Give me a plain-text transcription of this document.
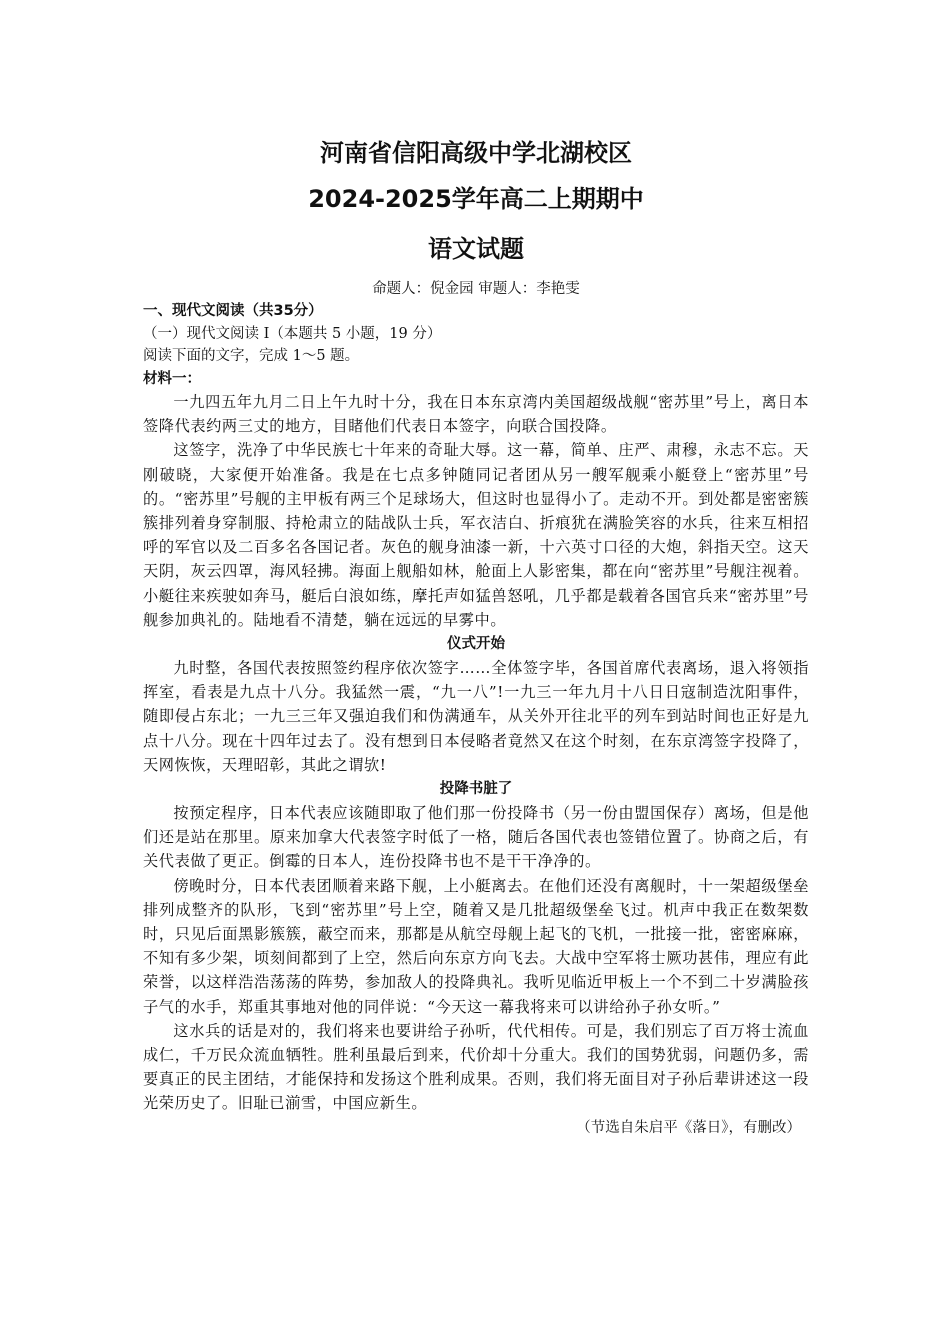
河南省信阳高级中学北湖校区
2024-2025学年高二上期期中
语文试题
命题人：倪金园 审题人：李艳雯
一、现代文阅读（共35分）
（一）现代文阅读 I（本题共 5 小题，19 分）
阅读下面的文字，完成 1～5 题。
材料一：

一九四五年九月二日上午九时十分，我在日本东京湾内美国超级战舰“密苏里”号上，离日本签降代表约两三丈的地方，目睹他们代表日本签字，向联合国投降。

这签字，洗净了中华民族七十年来的奇耻大辱。这一幕，简单、庄严、肃穆，永志不忘。天刚破晓，大家便开始准备。我是在七点多钟随同记者团从另一艘军舰乘小艇登上“密苏里”号的。“密苏里”号舰的主甲板有两三个足球场大，但这时也显得小了。走动不开。到处都是密密簇簇排列着身穿制服、持枪肃立的陆战队士兵，军衣洁白、折痕犹在满脸笑容的水兵，往来互相招呼的军官以及二百多名各国记者。灰色的舰身油漆一新，十六英寸口径的大炮，斜指天空。这天天阴，灰云四罩，海风轻拂。海面上舰船如林，舱面上人影密集，都在向“密苏里”号舰注视着。小艇往来疾驶如奔马，艇后白浪如练，摩托声如猛兽怒吼，几乎都是载着各国官兵来“密苏里”号舰参加典礼的。陆地看不清楚，躺在远远的早雾中。

仪式开始

九时整，各国代表按照签约程序依次签字……全体签字毕，各国首席代表离场，退入将领指挥室，看表是九点十八分。我猛然一震，“九一八”!一九三一年九月十八日日寇制造沈阳事件，随即侵占东北；一九三三年又强迫我们和伪满通车，从关外开往北平的列车到站时间也正好是九点十八分。现在十四年过去了。没有想到日本侵略者竟然又在这个时刻，在东京湾签字投降了，天网恢恢，天理昭彰，其此之谓欤!

投降书脏了

按预定程序，日本代表应该随即取了他们那一份投降书（另一份由盟国保存）离场，但是他们还是站在那里。原来加拿大代表签字时低了一格，随后各国代表也签错位置了。协商之后，有关代表做了更正。倒霉的日本人，连份投降书也不是干干净净的。

傍晚时分，日本代表团顺着来路下舰，上小艇离去。在他们还没有离舰时，十一架超级堡垒排列成整齐的队形，飞到“密苏里”号上空，随着又是几批超级堡垒飞过。机声中我正在数架数时，只见后面黑影簇簇，蔽空而来，那都是从航空母舰上起飞的飞机，一批接一批，密密麻麻，不知有多少架，顷刻间都到了上空，然后向东京方向飞去。大战中空军将士厥功甚伟，理应有此荣誉，以这样浩浩荡荡的阵势，参加敌人的投降典礼。我听见临近甲板上一个不到二十岁满脸孩子气的水手，郑重其事地对他的同伴说：“今天这一幕我将来可以讲给孙子孙女听。”

这水兵的话是对的，我们将来也要讲给子孙听，代代相传。可是，我们别忘了百万将士流血成仁，千万民众流血牺牲。胜利虽最后到来，代价却十分重大。我们的国势犹弱，问题仍多，需要真正的民主团结，才能保持和发扬这个胜利成果。否则，我们将无面目对子孙后辈讲述这一段光荣历史了。旧耻已湔雪，中国应新生。

（节选自朱启平《落日》，有删改）
